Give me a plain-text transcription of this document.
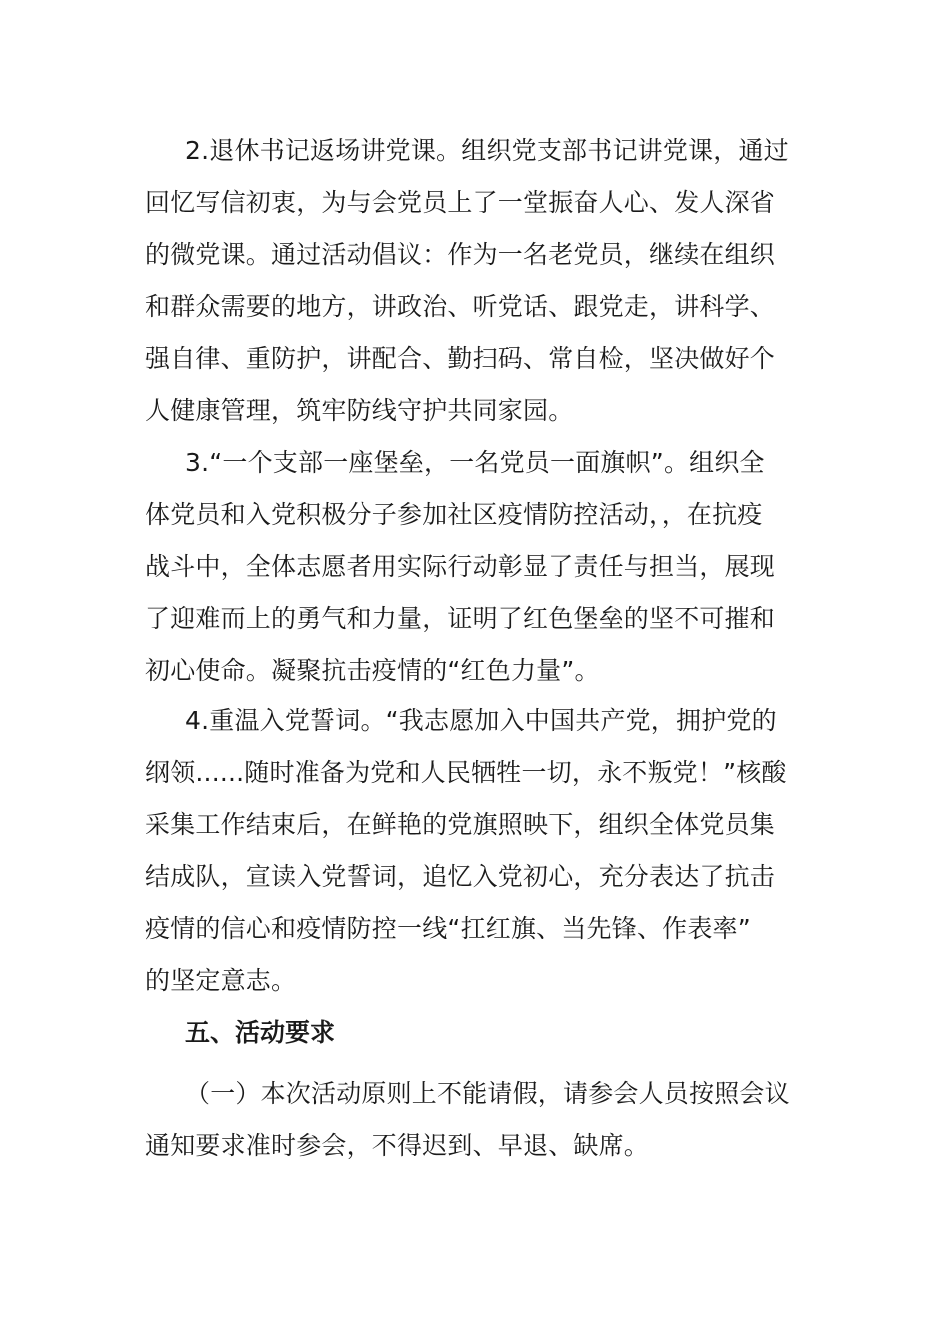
2.退休书记返场讲党课。组织党支部书记讲党课，通过
回忆写信初衷，为与会党员上了一堂振奋人心、发人深省
的微党课。通过活动倡议：作为一名老党员，继续在组织
和群众需要的地方，讲政治、听党话、跟党走，讲科学、
强自律、重防护，讲配合、勤扫码、常自检，坚决做好个
人健康管理，筑牢防线守护共同家园。
3.“一个支部一座堡垒，一名党员一面旗帜”。组织全
体党员和入党积极分子参加社区疫情防控活动，，在抗疫
战斗中，全体志愿者用实际行动彰显了责任与担当，展现
了迎难而上的勇气和力量，证明了红色堡垒的坚不可摧和
初心使命。凝聚抗击疫情的“红色力量”。
4.重温入党誓词。“我志愿加入中国共产党，拥护党的
纲领......随时准备为党和人民牺牲一切，永不叛党！”核酸
采集工作结束后，在鲜艳的党旗照映下，组织全体党员集
结成队，宣读入党誓词，追忆入党初心，充分表达了抗击
疫情的信心和疫情防控一线“扛红旗、当先锋、作表率”
的坚定意志。
五、活动要求
（一）本次活动原则上不能请假，请参会人员按照会议
通知要求准时参会，不得迟到、早退、缺席。
